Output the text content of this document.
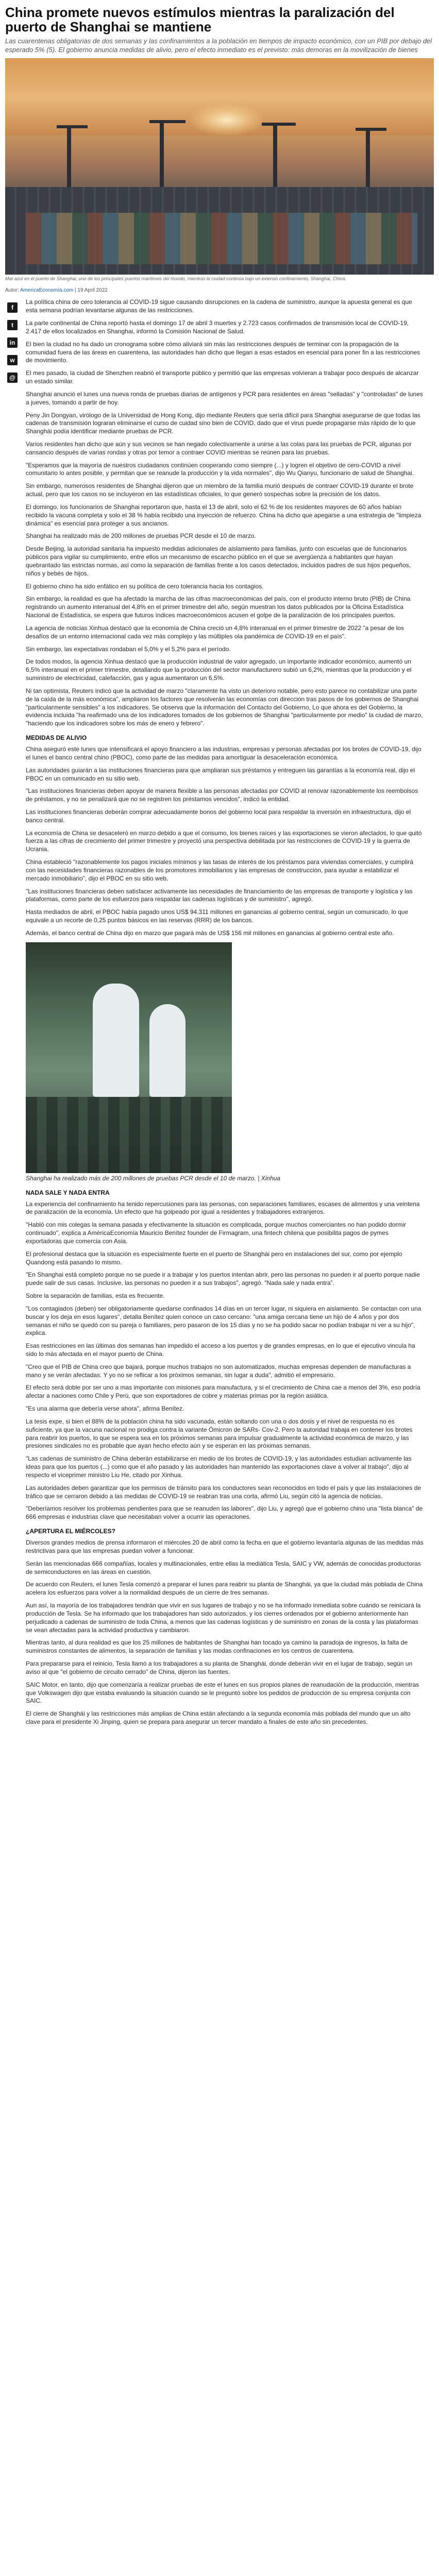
China promete nuevos estímulos mientras la paralización del puerto de Shanghai se mantiene

Las cuarentenas obligatorias de dos semanas y las confinamientos a la población en tiempos de impacto económico, con un PIB por debajo del esperado 5% (5). El gobierno anuncia medidas de alivio, pero el efecto inmediato es el previsto: más demoras en la movilización de bienes

Mar azul en el puerto de Shanghai, uno de los principales puertos marítimos del mundo, mientras la ciudad continúa bajo un extenso confinamiento, Shanghai, China.

Autor: AmericaEconomía.com | 19 April 2022
f
t
in
w
@

La política china de cero tolerancia al COVID-19 sigue causando disrupciones en la cadena de suministro, aunque la apuesta general es que esta semana podrían levantarse algunas de las restricciones.

La parte continental de China reportó hasta el domingo 17 de abril 3 muertes y 2.723 casos confirmados de transmisión local de COVID-19, 2.417 de ellos localizados en Shanghai, informó la Comisión Nacional de Salud.

El bien la ciudad no ha dado un cronograma sobre cómo aliviará sin más las restricciones después de terminar con la propagación de la comunidad fuera de las áreas en cuarentena, las autoridades han dicho que llegan a esas estados en esencial para poner fin a las restricciones de movimiento.

El mes pasado, la ciudad de Shenzhen reabrió el transporte público y permitió que las empresas volvieran a trabajar poco después de alcanzar un estado similar.

Shanghai anunció el lunes una nueva ronda de pruebas diarias de antígenos y PCR para residentes en áreas "selladas" y "controladas" de lunes a jueves, tomando a partir de hoy.

Peny Jin Dongyan, virólogo de la Universidad de Hong Kong, dijo mediante Reuters que sería difícil para Shanghai asegurarse de que todas las cadenas de transmisión lograran eliminarse el curso de cuidad sino bien de COVID, dado que el virus puede propagarse más rápido de lo que Shanghái podía identificar mediante pruebas de PCR.

Varios residentes han dicho que aún y sus vecinos se han negado colectivamente a unirse a las colas para las pruebas de PCR, algunas por cansancio después de varias rondas y otras por temor a contraer COVID mientras se reúnen para las pruebas.

"Esperamos que la mayoría de nuestros ciudadanos continúen cooperando como siempre (...) y logren el objetivo de cero-COVID a nivel comunitario lo antes posible, y permitan que se reanude la producción y la vida normales", dijo Wu Qianyu, funcionario de salud de Shanghai.

Sin embargo, numerosos residentes de Shanghai dijeron que un miembro de la familia murió después de contraer COVID-19 durante el brote actual, pero que los casos no se incluyeron en las estadísticas oficiales, lo que generó sospechas sobre la precisión de los datos.

El domingo, los funcionarios de Shanghai reportaron que, hasta el 13 de abril, solo el 62 % de los residentes mayores de 60 años habían recibido la vacuna completa y solo el 38 % había recibido una inyección de refuerzo. China ha dicho que apegarse a una estrategia de "limpieza dinámica" es esencial para proteger a sus ancianos.

Shanghai ha realizado más de 200 millones de pruebas PCR desde el 10 de marzo.

Desde Beijing, la autoridad sanitaria ha impuesto medidas adicionales de aislamiento para familias, junto con escuelas que de funcionarios públicos para vigilar su cumplimiento, entre ellos un mecanismo de escarcho público en el que se avergüenza a habitantes que hayan quebrantado las estrictas normas, así como la separación de familias frente a los casos detectados, incluidos padres de sus hijos pequeños, niños y bebés de hijos.

El gobierno chino ha sido enfático en su política de cero tolerancia hacia los contagios.

Sin embargo, la realidad es que ha afectado la marcha de las cifras macroeconómicas del país, con el producto interno bruto (PIB) de China registrando un aumento interanual del 4,8% en el primer trimestre del año, según muestran los datos publicados por la Oficina Estadística Nacional de Estadística, se espera que futuros índices macroeconómicos acusen el golpe de la paralización de los principales puertos.

La agencia de noticias Xinhua destacó que la economía de China creció un 4,8% interanual en el primer trimestre de 2022 "a pesar de los desafíos de un entorno internacional cada vez más complejo y las múltiples ola pandémica de COVID-19 en el país".

Sin embargo, las expectativas rondaban el 5,0% y el 5,2% para el período.

De todos modos, la agencia Xinhua destacó que la producción industrial de valor agregado, un importante indicador económico, aumentó un 6,5% interanual en el primer trimestre, detallando que la producción del sector manufacturero subió un 6,2%, mientras que la producción y el suministro de electricidad, calefacción, gas y agua aumentaron un 6,5%.

Ni tan optimista, Reuters indicó que la actividad de marzo "claramente ha visto un deterioro notable, pero esto parece no contabilizar una parte de la caída de la más económica", ampliaron los factores que resolverán las economías con dirección tras pasos de los gobiernos de Shanghai "particularmente sensibles" a los indicadores. Se observa que la información del Contacto del Gobierno, Lo que ahora es del Gobierno, la evidencia incluida "ha reafirmado una de los indicadores tomados de los gobiernos de Shanghai "particularmente por medio" la ciudad de marzo, "haciendo que los indicadores sobre los más de enero y febrero".

MEDIDAS DE ALIVIO

China aseguró este lunes que intensificará el apoyo financiero a las industrias, empresas y personas afectadas por los brotes de COVID-19, dijo el lunes el banco central chino (PBOC), como parte de las medidas para amortiguar la desaceleración económica.

Las autoridades guiarán a las instituciones financieras para que ampliaran sus préstamos y entreguen las garantías a la economía real, dijo el PBOC en un comunicado en su sitio web.

"Las instituciones financieras deben apoyar de manera flexible a las personas afectadas por COVID al renovar razonablemente los reembolsos de préstamos, y no se penalizará que no se registren los préstamos vencidos", indicó la entidad.

Las instituciones financieras deberán comprar adecuadamente bonos del gobierno local para respaldar la inversión en infraestructura, dijo el banco central.

La economía de China se desaceleró en marzo debido a que el consumo, los bienes raíces y las exportaciones se vieron afectados, lo que quitó fuerza a las cifras de crecimiento del primer trimestre y proyectó una perspectiva debilitada por las restricciones de COVID-19 y la guerra de Ucrania.

China estableció "razonablemente los pagos iniciales mínimos y las tasas de interés de los préstamos para viviendas comerciales, y cumplirá con las necesidades financieras razonables de los promotores inmobiliarios y las empresas de construcción, para ayudar a estabilizar el mercado inmobiliario", dijo el PBOC en su sitio web.

"Las instituciones financieras deben satisfacer activamente las necesidades de financiamiento de las empresas de transporte y logística y las plataformas, como parte de los esfuerzos para respaldar las cadenas logísticas y de suministro", agregó.

Hasta mediados de abril, el PBOC había pagado unos US$ 94.311 millones en ganancias al gobierno central, según un comunicado, lo que equivale a un recorte de 0,25 puntos básicos en las reservas (RRR) de los bancos.

Además, el banco central de China dijo en marzo que pagará más de US$ 156 mil millones en ganancias al gobierno central este año.

Shanghai ha realizado más de 200 millones de pruebas PCR desde el 10 de marzo. | Xinhua

NADA SALE Y NADA ENTRA

La experiencia del confinamiento ha tenido repercusiones para las personas, con separaciones familiares, escases de alimentos y una veintena de paralización de la economía. Un efecto que ha golpeado por igual a residentes y trabajadores extranjeros.

"Habló con mis colegas la semana pasada y efectivamente la situación es complicada, porque muchos comerciantes no han podido dormir continuado", explica a AméricaEconomía Mauricio Benítez founder de Firmagram, una fintech chilena que posibilita pagos de pymes exportadoras que comercia con Asia.

El profesional destaca que la situación es especialmente fuerte en el puerto de Shanghái pero en instalaciones del sur, como por ejemplo Quandong está pasando lo mismo.

"En Shanghai está completo porque no se puede ir a trabajar y los puertos intentan abrir, pero las personas no pueden ir al puerto porque nadie puede salir de sus casas. Inclusive, las personas no pueden ir a sus trabajos", agregó. "Nada sale y nada entra".

Sobre la separación de familias, esta es frecuente.

"Los contagiados (deben) ser obligatoriamente quedarse confinados 14 días en un tercer lugar, ni siquiera en aislamiento. Se contactan con una buscar y los deja en esos lugares", detalla Benítez quien conoce un caso cercano: "una amiga cercana tiene un hijo de 4 años y por dos semanas el niño se quedó con su pareja o familiares, pero pasaron de los 15 días y no se ha podido sacar no podían trabajar ni ver a su hijo", explica.

Esas restricciones en las últimas dos semanas han impedido el acceso a los puertos y de grandes empresas, en lo que el ejecutivo vincula ha sido lo más afectada en el mayor puerto de China.

"Creo que el PIB de China creo que bajará, porque muchos trabajos no son automatizados, muchas empresas dependen de manufacturas a mano y se verán afectadas. Y yo no se reflicar a los próximos semanas, sin lugar a duda", admitió el empresario.

El efecto será doble por ser uno a mas importante con misiones para manufactura, y si el crecimiento de China cae a menos del 3%, eso podría afectar a naciones como Chile y Perú, que son exportadores de cobre y materias primas por la región asiática.

"Es una alarma que debería verse ahora", afirma Benítez.

La tesis expe, si bien el 88% de la población china ha sido vacunada, están soltando con una o dos dosis y el nivel de respuesta no es suficiente, ya que la vacuna nacional no prodiga contra la variante Ómicron de SARs- Cov-2. Pero la autoridad trabaja en contener los brotes para reabrir los puertos, lo que se espera sea en los próximos semanas para impulsar gradualmente la actividad económica de marzo, y las presiones sindicales no es probable que ayan hecho efecto aún y se esperan en las próximas semanas.

"Las cadenas de suministro de China deberán estabilizarse en medio de los brotes de COVID-19, y las autoridades estudian activamente las ideas para que los puertos (...) como que el año pasado y las autoridades han mantenido las exportaciones clave a volver al trabajo", dijo al respecto el viceprimer ministro Liu He, citado por Xinhua.

Las autoridades deben garantizar que los permisos de tránsito para los conductores sean reconocidos en todo el país y que las instalaciones de tráfico que se cerraron debido a las medidas de COVID-19 se reabran tras una corta, afirmó Liu, según citó la agencia de noticias.

"Deberíamos resolver los problemas pendientes para que se reanuden las labores", dijo Liu, y agregó que el gobierno chino una "lista blanca" de 666 empresas e industrias clave que necesitaban volver a ocurrir las operaciones.

¿APERTURA EL MIÉRCOLES?

Diversos grandes medios de prensa informaron el miércoles 20 de abril como la fecha en que el gobierno levantaría algunas de las medidas más restrictivas para que las empresas puedan volver a funcionar.

Serán las mencionadas 666 compañías, locales y multinacionales, entre ellas la mediática Tesla, SAIC y VW, además de conocidas productoras de semiconductores en las áreas en cuestión.

De acuerdo con Reuters, el lunes Tesla comenzó a preparar el lunes para reabrir su planta de Shanghái, ya que la ciudad más poblada de China acelera los esfuerzos para volver a la normalidad después de un cierre de tres semanas.

Aun así, la mayoría de los trabajadores tendrán que vivir en sus lugares de trabajo y no se ha informado inmediata sobre cuándo se reiniciará la producción de Tesla. Se ha informado que los trabajadores han sido autorizados, y los cierres ordenados por el gobierno anteriormente han perjudicado a cadenas de suministro de toda China, a menos que las cadenas logísticas y de suministro en zonas de la costa y las plataformas se vean afectadas para la actividad productiva y cambiaron.

Mientras tanto, al dura realidad es que los 25 millones de habitantes de Shanghai han tocado ya camino la paradoja de ingresos, la falta de suministros constantes de alimentos, la separación de familias y las modas confinaciones en los centros de cuarentena.

Para prepararse para el reinicio, Tesla llamó a los trabajadores a su planta de Shanghái, donde deberán vivir en el lugar de trabajo, según un aviso al que "el gobierno de circuito cerrado" de China, dijeron las fuentes.

SAIC Motor, en tanto, dijo que comenzaría a realizar pruebas de este el lunes en sus propios planes de reanudación de la producción, mientras que Volkswagen dijo que estaba evaluando la situación cuando se le preguntó sobre los pedidos de producción de su empresa conjunta con SAIC.

El cierre de Shanghái y las restricciones más amplias de China están afectando a la segunda economía más poblada del mundo que un alto clave para el presidente Xi Jinping, quien se prepara para asegurar un tercer mandato a finales de este año sin precedentes.
